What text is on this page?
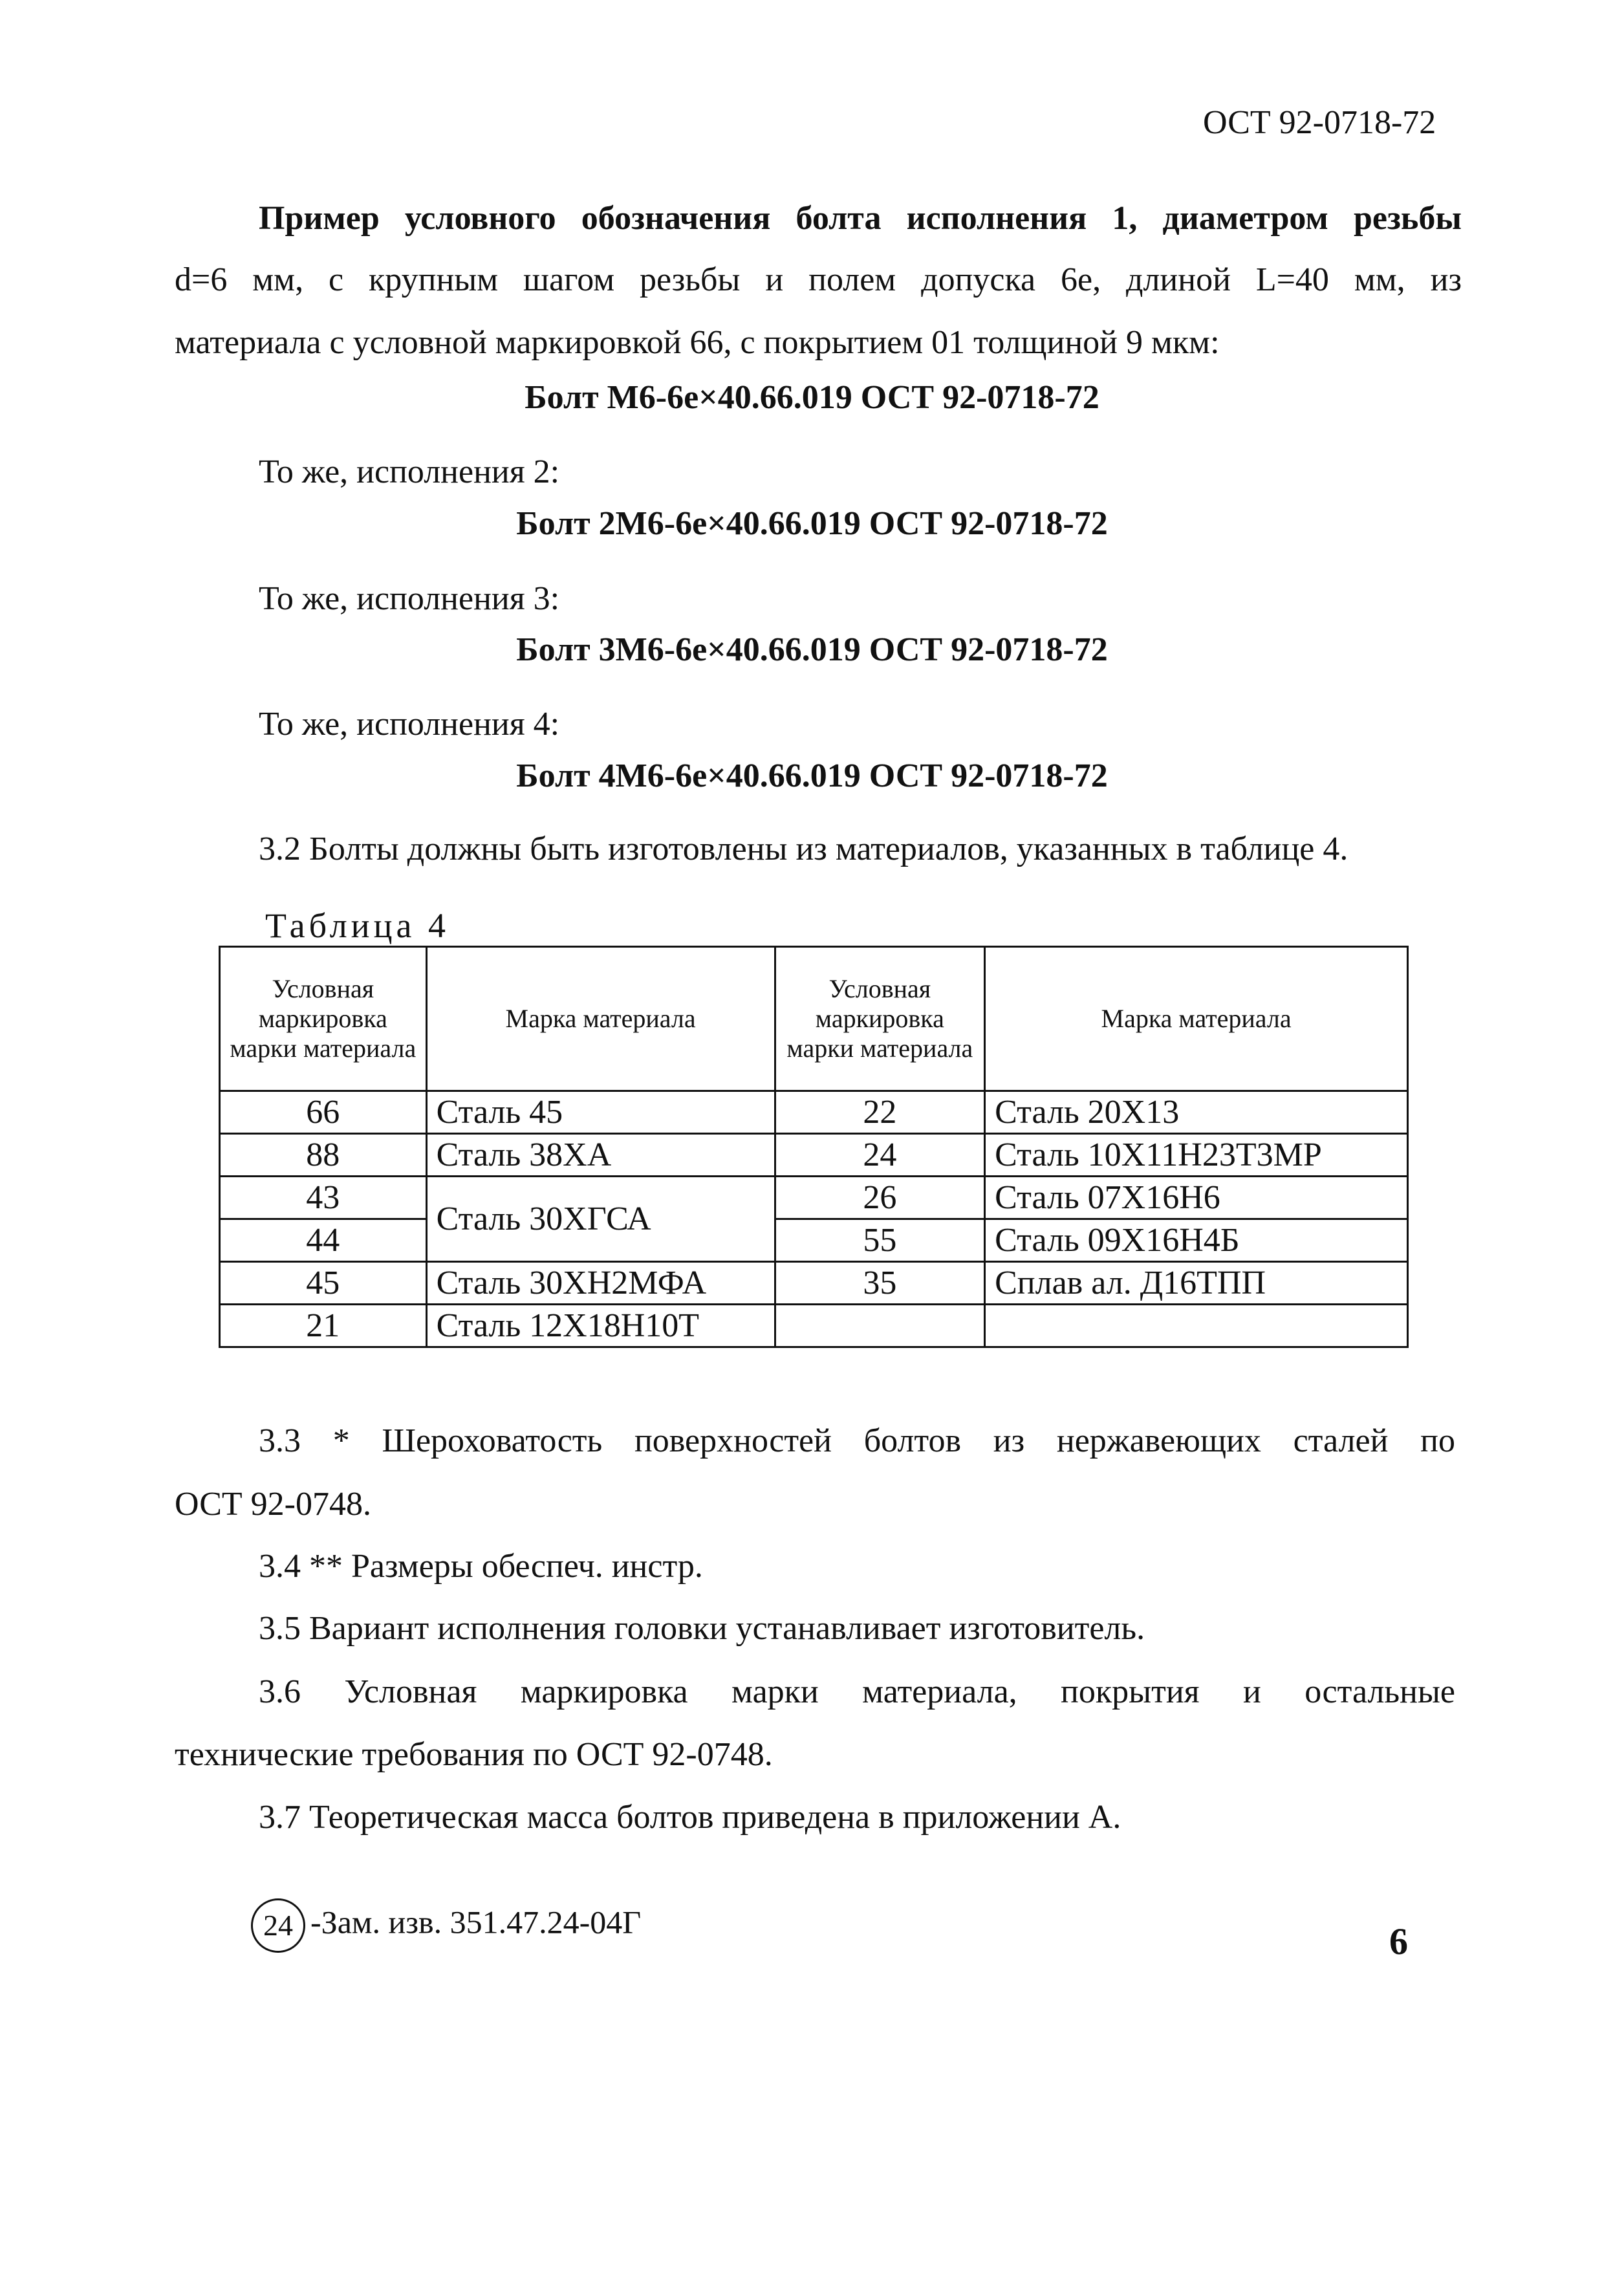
ОСТ 92-0718-72
Пример условного обозначения болта исполнения 1, диаметром резьбы
d=6 мм, с крупным шагом резьбы и полем допуска 6е, длиной L=40 мм, из
материала с условной маркировкой 66, с покрытием 01 толщиной 9 мкм:
Болт М6-6е×40.66.019 ОСТ 92-0718-72
То же, исполнения 2:
Болт 2М6-6е×40.66.019 ОСТ 92-0718-72
То же, исполнения 3:
Болт 3М6-6е×40.66.019 ОСТ 92-0718-72
То же, исполнения 4:
Болт 4М6-6е×40.66.019 ОСТ 92-0718-72
3.2 Болты должны быть изготовлены из материалов, указанных в таблице 4.
Таблица 4
Условная маркировка марки материала	Марка материала	Условная маркировка марки материала	Марка материала
66	Сталь 45	22	Сталь 20Х13
88	Сталь 38ХА	24	Сталь 10Х11Н23Т3МР
43	Сталь 30ХГСА	26	Сталь 07Х16Н6
44		55	Сталь 09Х16Н4Б
45	Сталь 30ХН2МФА	35	Сплав ал. Д16ТПП
21	Сталь 12Х18Н10Т		
3.3 * Шероховатость поверхностей болтов из нержавеющих сталей по
ОСТ 92-0748.
3.4 ** Размеры обеспеч. инстр.
3.5 Вариант исполнения головки устанавливает изготовитель.
3.6 Условная маркировка марки материала, покрытия и остальные
технические требования по ОСТ 92-0748.
3.7 Теоретическая масса болтов приведена в приложении А.
24 -Зам. изв. 351.47.24-04Г	6
